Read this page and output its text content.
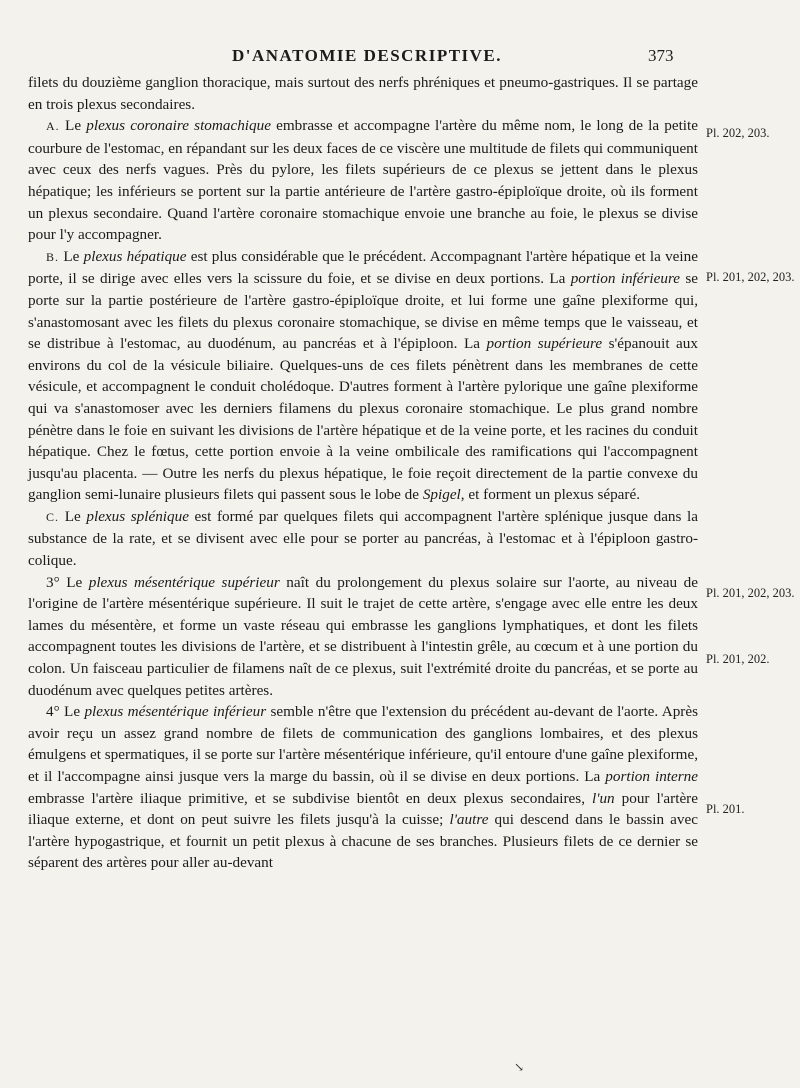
D'ANATOMIE DESCRIPTIVE.	373

filets du douzième ganglion thoracique, mais surtout des nerfs phréniques et pneumo-gastriques. Il se partage en trois plexus secondaires.

A. Le plexus coronaire stomachique embrasse et accompagne l'artère du même nom, le long de la petite courbure de l'estomac, en répandant sur les deux faces de ce viscère une multitude de filets qui communiquent avec ceux des nerfs vagues. Près du pylore, les filets supérieurs de ce plexus se jettent dans le plexus hépatique; les inférieurs se portent sur la partie antérieure de l'artère gastro-épiploïque droite, où ils forment un plexus secondaire. Quand l'artère coronaire stomachique envoie une branche au foie, le plexus se divise pour l'y accompagner.

B. Le plexus hépatique est plus considérable que le précédent. Accompagnant l'artère hépatique et la veine porte, il se dirige avec elles vers la scissure du foie, et se divise en deux portions. La portion inférieure se porte sur la partie postérieure de l'artère gastro-épiploïque droite, et lui forme une gaîne plexiforme qui, s'anastomosant avec les filets du plexus coronaire stomachique, se divise en même temps que le vaisseau, et se distribue à l'estomac, au duodénum, au pancréas et à l'épiploon. La portion supérieure s'épanouit aux environs du col de la vésicule biliaire. Quelques-uns de ces filets pénètrent dans les membranes de cette vésicule, et accompagnent le conduit cholédoque. D'autres forment à l'artère pylorique une gaîne plexiforme qui va s'anastomoser avec les derniers filamens du plexus coronaire stomachique. Le plus grand nombre pénètre dans le foie en suivant les divisions de l'artère hépatique et de la veine porte, et les racines du conduit hépatique. Chez le fœtus, cette portion envoie à la veine ombilicale des ramifications qui l'accompagnent jusqu'au placenta. — Outre les nerfs du plexus hépatique, le foie reçoit directement de la partie convexe du ganglion semi-lunaire plusieurs filets qui passent sous le lobe de Spigel, et forment un plexus séparé.

C. Le plexus splénique est formé par quelques filets qui accompagnent l'artère splénique jusque dans la substance de la rate, et se divisent avec elle pour se porter au pancréas, à l'estomac et à l'épiploon gastro-colique.

3° Le plexus mésentérique supérieur naît du prolongement du plexus solaire sur l'aorte, au niveau de l'origine de l'artère mésentérique supérieure. Il suit le trajet de cette artère, s'engage avec elle entre les deux lames du mésentère, et forme un vaste réseau qui embrasse les ganglions lymphatiques, et dont les filets accompagnent toutes les divisions de l'artère, et se distribuent à l'intestin grêle, au cœcum et à une portion du colon. Un faisceau particulier de filamens naît de ce plexus, suit l'extrémité droite du pancréas, et se porte au duodénum avec quelques petites artères.

4° Le plexus mésentérique inférieur semble n'être que l'extension du précédent au-devant de l'aorte. Après avoir reçu un assez grand nombre de filets de communication des ganglions lombaires, et des plexus émulgens et spermatiques, il se porte sur l'artère mésentérique inférieure, qu'il entoure d'une gaîne plexiforme, et il l'accompagne ainsi jusque vers la marge du bassin, où il se divise en deux portions. La portion interne embrasse l'artère iliaque primitive, et se subdivise bientôt en deux plexus secondaires, l'un pour l'artère iliaque externe, et dont on peut suivre les filets jusqu'à la cuisse; l'autre qui descend dans le bassin avec l'artère hypogastrique, et fournit un petit plexus à chacune de ses branches. Plusieurs filets de ce dernier se séparent des artères pour aller au-devant

Pl. 202, 203.
Pl. 201, 202, 203.
Pl. 201, 202, 203.
Pl. 201, 202.
Pl. 201.
↘
